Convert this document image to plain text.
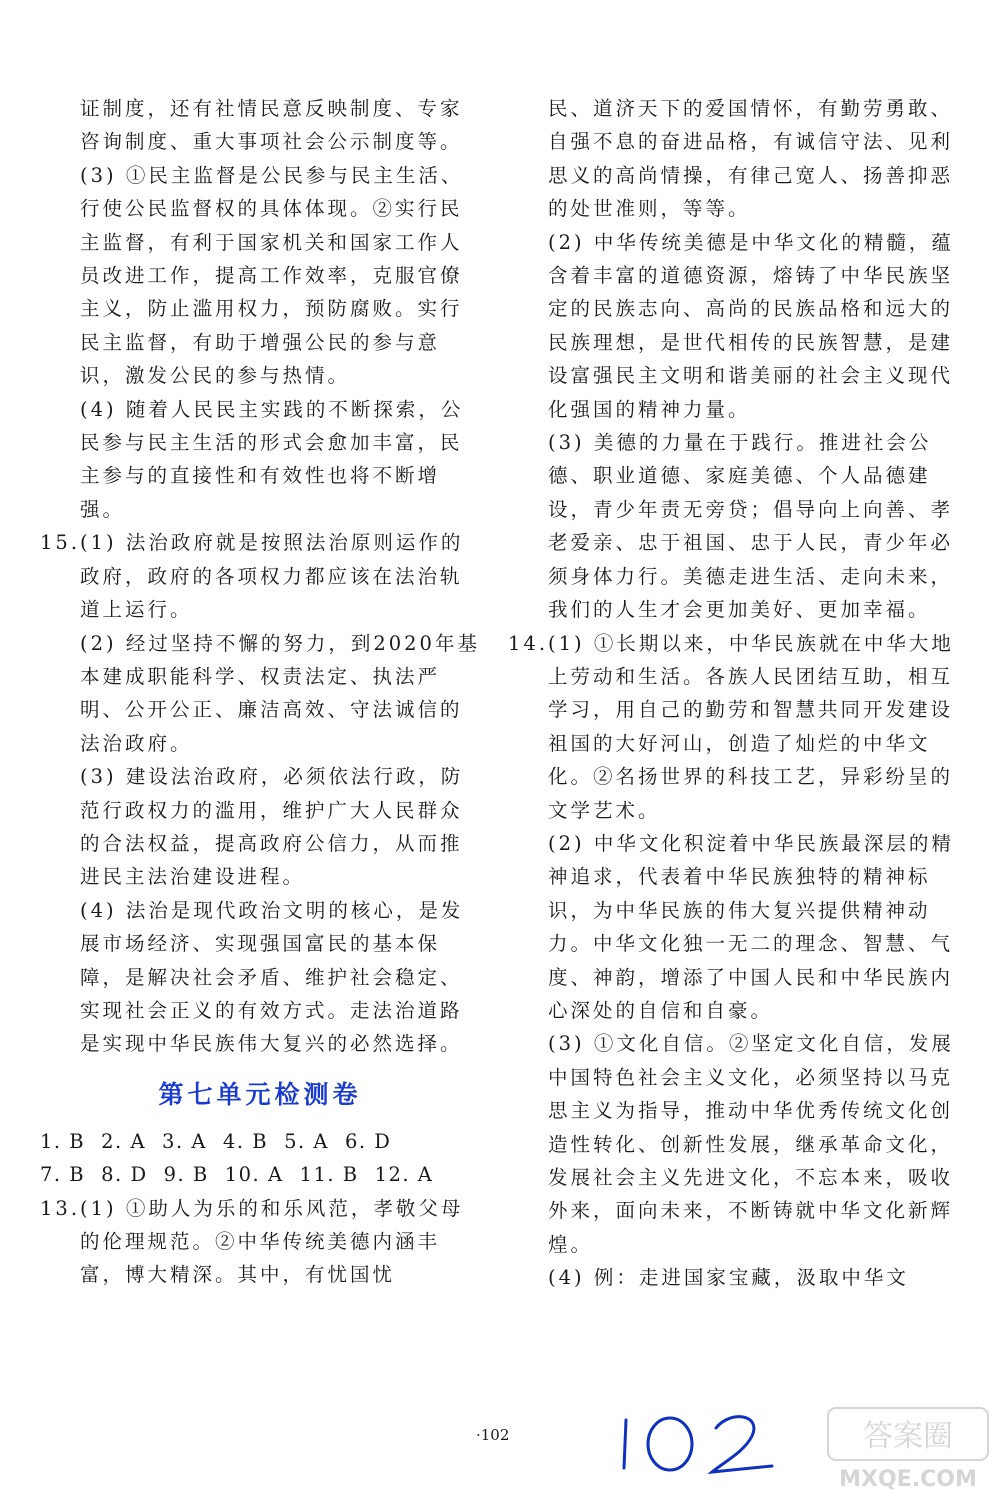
证制度，还有社情民意反映制度、专家咨询制度、重大事项社会公示制度等。
(3) ①民主监督是公民参与民主生活、行使公民监督权的具体体现。②实行民主监督，有利于国家机关和国家工作人员改进工作，提高工作效率，克服官僚主义，防止滥用权力，预防腐败。实行民主监督，有助于增强公民的参与意识，激发公民的参与热情。
(4) 随着人民民主实践的不断探索，公民参与民主生活的形式会愈加丰富，民主参与的直接性和有效性也将不断增强。
15. (1) 法治政府就是按照法治原则运作的政府，政府的各项权力都应该在法治轨道上运行。
(2) 经过坚持不懈的努力，到2020年基本建成职能科学、权责法定、执法严明、公开公正、廉洁高效、守法诚信的法治政府。
(3) 建设法治政府，必须依法行政，防范行政权力的滥用，维护广大人民群众的合法权益，提高政府公信力，从而推进民主法治建设进程。
(4) 法治是现代政治文明的核心，是发展市场经济、实现强国富民的基本保障，是解决社会矛盾、维护社会稳定、实现社会正义的有效方式。走法治道路是实现中华民族伟大复兴的必然选择。
第七单元检测卷
1. B 2. A 3. A 4. B 5. A 6. D
7. B 8. D 9. B 10. A 11. B 12. A
13. (1) ①助人为乐的和乐风范，孝敬父母的伦理规范。②中华传统美德内涵丰富，博大精深。其中，有忧国忧
民、道济天下的爱国情怀，有勤劳勇敢、自强不息的奋进品格，有诚信守法、见利思义的高尚情操，有律己宽人、扬善抑恶的处世准则，等等。
(2) 中华传统美德是中华文化的精髓，蕴含着丰富的道德资源，熔铸了中华民族坚定的民族志向、高尚的民族品格和远大的民族理想，是世代相传的民族智慧，是建设富强民主文明和谐美丽的社会主义现代化强国的精神力量。
(3) 美德的力量在于践行。推进社会公德、职业道德、家庭美德、个人品德建设，青少年责无旁贷；倡导向上向善、孝老爱亲、忠于祖国、忠于人民，青少年必须身体力行。美德走进生活、走向未来，我们的人生才会更加美好、更加幸福。
14. (1) ①长期以来，中华民族就在中华大地上劳动和生活。各族人民团结互助，相互学习，用自己的勤劳和智慧共同开发建设祖国的大好河山，创造了灿烂的中华文化。②名扬世界的科技工艺，异彩纷呈的文学艺术。
(2) 中华文化积淀着中华民族最深层的精神追求，代表着中华民族独特的精神标识，为中华民族的伟大复兴提供精神动力。中华文化独一无二的理念、智慧、气度、神韵，增添了中国人民和中华民族内心深处的自信和自豪。
(3) ①文化自信。②坚定文化自信，发展中国特色社会主义文化，必须坚持以马克思主义为指导，推动中华优秀传统文化创造性转化、创新性发展，继承革命文化，发展社会主义先进文化，不忘本来，吸收外来，面向未来，不断铸就中华文化新辉煌。
(4) 例：走进国家宝藏，汲取中华文
·102	答案圈
MXQE.COM
